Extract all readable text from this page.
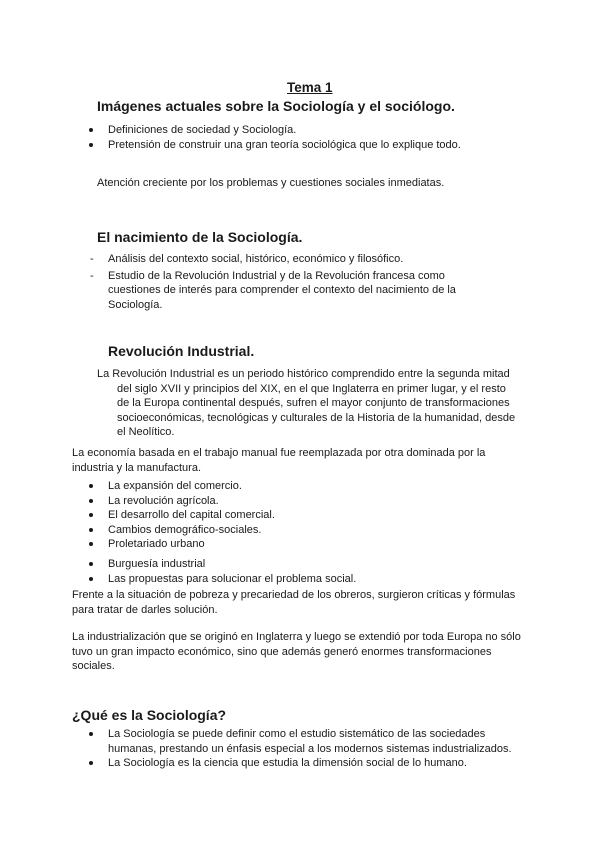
Tema 1
Imágenes actuales sobre la Sociología y el sociólogo.
Definiciones de sociedad y Sociología.
Pretensión de construir una gran teoría sociológica que lo explique todo.
Atención creciente por los problemas y cuestiones sociales inmediatas.
El nacimiento de la Sociología.
- Análisis del contexto social, histórico, económico y filosófico.
- Estudio de la Revolución Industrial y de la Revolución francesa como cuestiones de interés para comprender el contexto del nacimiento de la Sociología.
Revolución Industrial.
La Revolución Industrial es un periodo histórico comprendido entre la segunda mitad del siglo XVII y principios del XIX, en el que Inglaterra en primer lugar, y el resto de la Europa continental después, sufren el mayor conjunto de transformaciones socioeconómicas, tecnológicas y culturales de la Historia de la humanidad, desde el Neolítico.
La economía basada en el trabajo manual fue reemplazada por otra dominada por la industria y la manufactura.
La expansión del comercio.
La revolución agrícola.
El desarrollo del capital comercial.
Cambios demográfico-sociales.
Proletariado urbano
Burguesía industrial
Las propuestas para solucionar el problema social.
Frente a la situación de pobreza y precariedad de los obreros, surgieron críticas y fórmulas para tratar de darles solución.
La industrialización que se originó en Inglaterra y luego se extendió por toda Europa no sólo tuvo un gran impacto económico, sino que además generó enormes transformaciones sociales.
¿Qué es la Sociología?
La Sociología se puede definir como el estudio sistemático de las sociedades humanas, prestando un énfasis especial a los modernos sistemas industrializados.
La Sociología es la ciencia que estudia la dimensión social de lo humano.
